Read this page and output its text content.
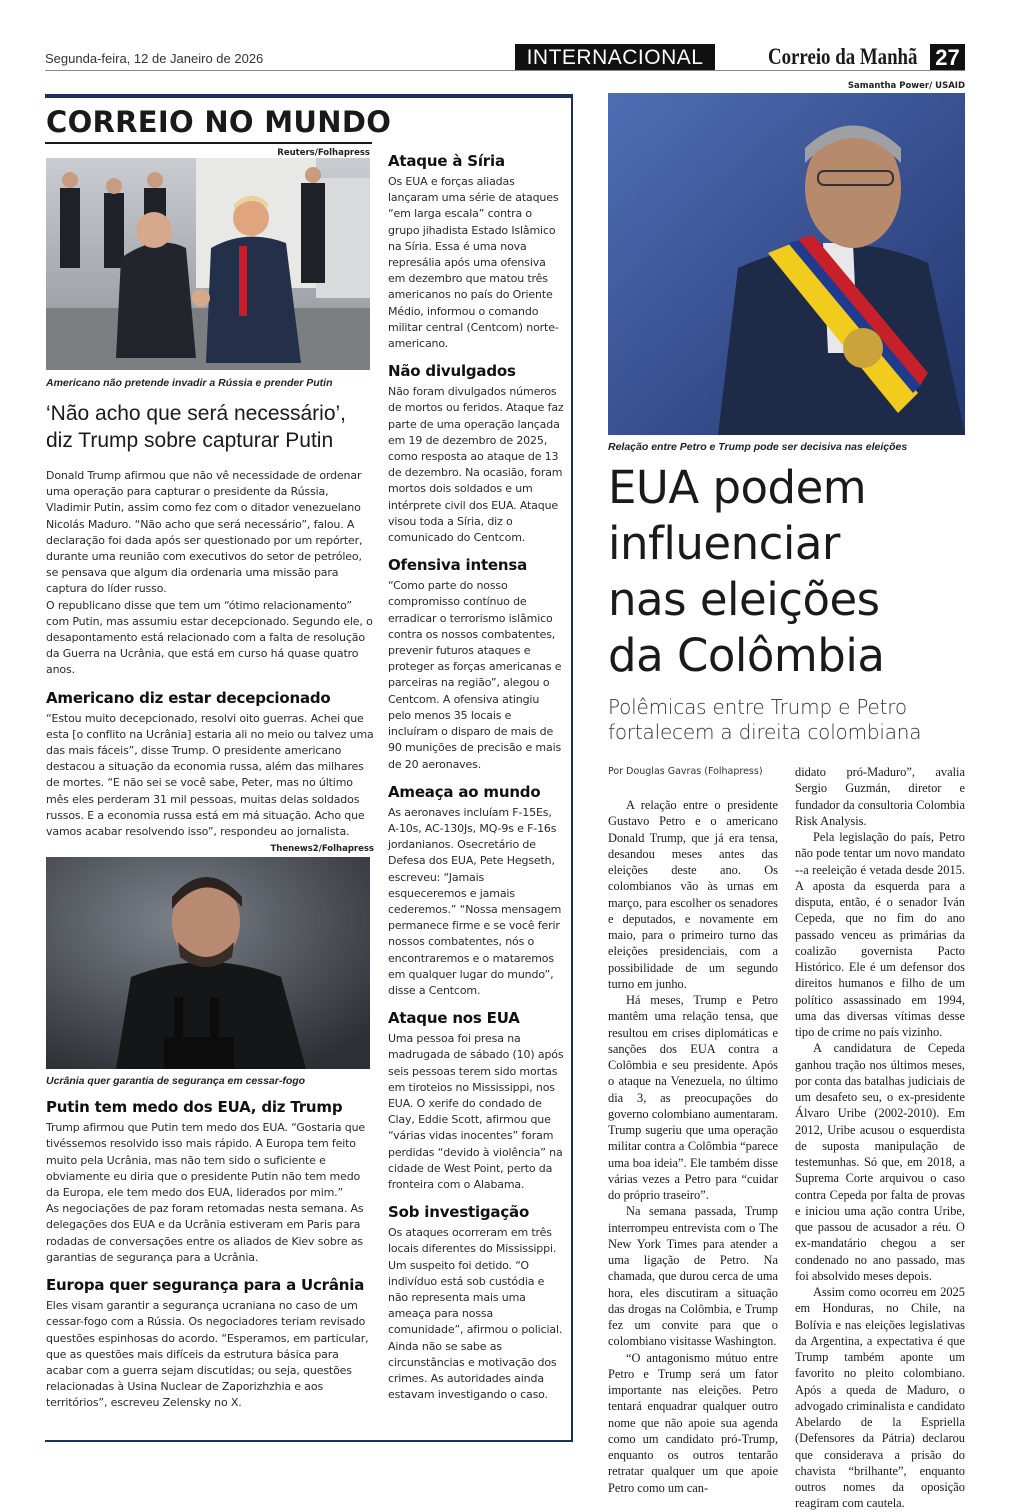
Segunda-feira, 12 de Janeiro de 2026	INTERNACIONAL	Correio da Manhã 27
CORREIO NO MUNDO
Reuters/Folhapress
Americano não pretende invadir a Rússia e prender Putin
‘Não acho que será necessário’, diz Trump sobre capturar Putin

Donald Trump afirmou que não vê necessidade de ordenar uma operação para capturar o presidente da Rússia, Vladimir Putin, assim como fez com o ditador venezuelano Nicolás Maduro. “Não acho que será necessário”, falou. A declaração foi dada após ser questionado por um repórter, durante uma reunião com executivos do setor de petróleo, se pensava que algum dia ordenaria uma missão para captura do líder russo.

O republicano disse que tem um “ótimo relacionamento” com Putin, mas assumiu estar decepcionado. Segundo ele, o desapontamento está relacionado com a falta de resolução da Guerra na Ucrânia, que está em curso há quase quatro anos.

Americano diz estar decepcionado
“Estou muito decepcionado, resolvi oito guerras. Achei que esta [o conflito na Ucrânia] estaria ali no meio ou talvez uma das mais fáceis”, disse Trump. O presidente americano destacou a situação da economia russa, além das milhares de mortes. “E não sei se você sabe, Peter, mas no último mês eles perderam 31 mil pessoas, muitas delas soldados russos. E a economia russa está em má situação. Acho que vamos acabar resolvendo isso”, respondeu ao jornalista.
Thenews2/Folhapress
Ucrânia quer garantia de segurança em cessar-fogo
Putin tem medo dos EUA, diz Trump

Trump afirmou que Putin tem medo dos EUA. “Gostaria que tivéssemos resolvido isso mais rápido. A Europa tem feito muito pela Ucrânia, mas não tem sido o suficiente e obviamente eu diria que o presidente Putin não tem medo da Europa, ele tem medo dos EUA, liderados por mim.”

As negociações de paz foram retomadas nesta semana. As delegações dos EUA e da Ucrânia estiveram em Paris para rodadas de conversações entre os aliados de Kiev sobre as garantias de segurança para a Ucrânia.

Europa quer segurança para a Ucrânia
Eles visam garantir a segurança ucraniana no caso de um cessar-fogo com a Rússia. Os negociadores teriam revisado questões espinhosas do acordo. “Esperamos, em particular, que as questões mais difíceis da estrutura básica para acabar com a guerra sejam discutidas; ou seja, questões relacionadas à Usina Nuclear de Zaporizhzhia e aos territórios”, escreveu Zelensky no X.
Ataque à Síria
Os EUA e forças aliadas lançaram uma série de ataques “em larga escala” contra o grupo jihadista Estado Islâmico na Síria. Essa é uma nova represália após uma ofensiva em dezembro que matou três americanos no país do Oriente Médio, informou o comando militar central (Centcom) norte-americano.
Não divulgados
Não foram divulgados números de mortos ou feridos. Ataque faz parte de uma operação lançada em 19 de dezembro de 2025, como resposta ao ataque de 13 de dezembro. Na ocasião, foram mortos dois soldados e um intérprete civil dos EUA. Ataque visou toda a Síria, diz o comunicado do Centcom.
Ofensiva intensa
“Como parte do nosso compromisso contínuo de erradicar o terrorismo islâmico contra os nossos combatentes, prevenir futuros ataques e proteger as forças americanas e parceiras na região”, alegou o Centcom. A ofensiva atingiu pelo menos 35 locais e incluíram o disparo de mais de 90 munições de precisão e mais de 20 aeronaves.
Ameaça ao mundo
As aeronaves incluíam F-15Es, A-10s, AC-130Js, MQ-9s e F-16s jordanianos. Osecretário de Defesa dos EUA, Pete Hegseth, escreveu: “Jamais esqueceremos e jamais cederemos.” “Nossa mensagem permanece firme e se você ferir nossos combatentes, nós o encontraremos e o mataremos em qualquer lugar do mundo”, disse a Centcom.
Ataque nos EUA
Uma pessoa foi presa na madrugada de sábado (10) após seis pessoas terem sido mortas em tiroteios no Mississippi, nos EUA. O xerife do condado de Clay, Eddie Scott, afirmou que “várias vidas inocentes” foram perdidas “devido à violência” na cidade de West Point, perto da fronteira com o Alabama.
Sob investigação
Os ataques ocorreram em três locais diferentes do Mississippi. Um suspeito foi detido. “O indivíduo está sob custódia e não representa mais uma ameaça para nossa comunidade”, afirmou o policial. Ainda não se sabe as circunstâncias e motivação dos crimes. As autoridades ainda estavam investigando o caso.
Samantha Power/ USAID
Relação entre Petro e Trump pode ser decisiva nas eleições
EUA podem
influenciar
nas eleições
da Colômbia
Polêmicas entre Trump e Petro
fortalecem a direita colombiana
Por Douglas Gavras (Folhapress)

A relação entre o presidente Gustavo Petro e o americano Donald Trump, que já era tensa, desandou meses antes das eleições deste ano. Os colombianos vão às urnas em março, para escolher os senadores e deputados, e novamente em maio, para o primeiro turno das eleições presidenciais, com a possibilidade de um segundo turno em junho.

Há meses, Trump e Petro mantêm uma relação tensa, que resultou em crises diplomáticas e sanções dos EUA contra a Colômbia e seu presidente. Após o ataque na Venezuela, no último dia 3, as preocupações do governo colombiano aumentaram. Trump sugeriu que uma operação militar contra a Colômbia “parece uma boa ideia”. Ele também disse várias vezes a Petro para “cuidar do próprio traseiro”.

Na semana passada, Trump interrompeu entrevista com o The New York Times para atender a uma ligação de Petro. Na chamada, que durou cerca de uma hora, eles discutiram a situação das drogas na Colômbia, e Trump fez um convite para que o colombiano visitasse Washington.

“O antagonismo mútuo entre Petro e Trump será um fator importante nas eleições. Petro tentará enquadrar qualquer outro nome que não apoie sua agenda como um candidato pró-Trump, enquanto os outros tentarão retratar qualquer um que apoie Petro como um can-

didato pró-Maduro”, avalia Sergio Guzmán, diretor e fundador da consultoria Colombia Risk Analysis.

Pela legislação do país, Petro não pode tentar um novo mandato --a reeleição é vetada desde 2015. A aposta da esquerda para a disputa, então, é o senador Iván Cepeda, que no fim do ano passado venceu as primárias da coalizão governista Pacto Histórico. Ele é um defensor dos direitos humanos e filho de um político assassinado em 1994, uma das diversas vítimas desse tipo de crime no país vizinho.

A candidatura de Cepeda ganhou tração nos últimos meses, por conta das batalhas judiciais de um desafeto seu, o ex-presidente Álvaro Uribe (2002-2010). Em 2012, Uribe acusou o esquerdista de suposta manipulação de testemunhas. Só que, em 2018, a Suprema Corte arquivou o caso contra Cepeda por falta de provas e iniciou uma ação contra Uribe, que passou de acusador a réu. O ex-mandatário chegou a ser condenado no ano passado, mas foi absolvido meses depois.

Assim como ocorreu em 2025 em Honduras, no Chile, na Bolívia e nas eleições legislativas da Argentina, a expectativa é que Trump também aponte um favorito no pleito colombiano. Após a queda de Maduro, o advogado criminalista e candidato Abelardo de la Espriella (Defensores da Pátria) declarou que considerava a prisão do chavista “brilhante”, enquanto outros nomes da oposição reagiram com cautela.
